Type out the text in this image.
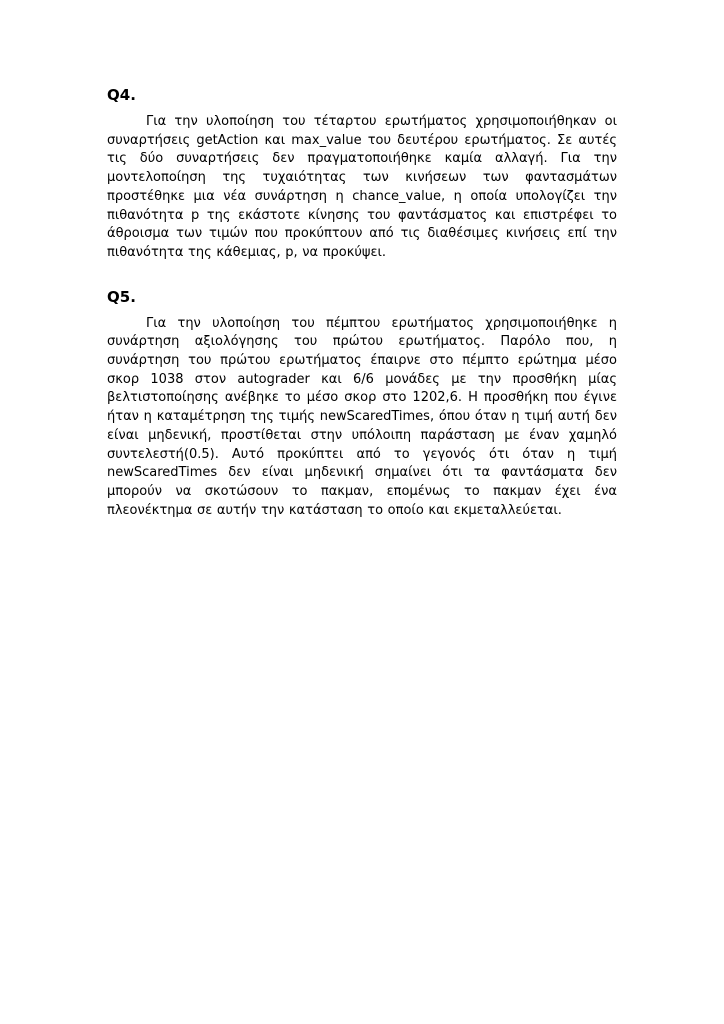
Q4.

Για την υλοποίηση του τέταρτου ερωτήματος χρησιμοποιήθηκαν οι συναρτήσεις getAction και max_value του δευτέρου ερωτήματος. Σε αυτές τις δύο συναρτήσεις δεν πραγματοποιήθηκε καμία αλλαγή. Για την μοντελοποίηση της τυχαιότητας των κινήσεων των φαντασμάτων προστέθηκε μια νέα συνάρτηση η chance_value, η οποία υπολογίζει την πιθανότητα p της εκάστοτε κίνησης του φαντάσματος και επιστρέφει το άθροισμα των τιμών που προκύπτουν από τις διαθέσιμες κινήσεις επί την πιθανότητα της κάθεμιας, p, να προκύψει.

Q5.

Για την υλοποίηση του πέμπτου ερωτήματος χρησιμοποιήθηκε η συνάρτηση αξιολόγησης του πρώτου ερωτήματος. Παρόλο που, η συνάρτηση του πρώτου ερωτήματος έπαιρνε στο πέμπτο ερώτημα μέσο σκορ 1038 στον autograder και 6/6 μονάδες με την προσθήκη μίας βελτιστοποίησης ανέβηκε το μέσο σκορ στο 1202,6. Η προσθήκη που έγινε ήταν η καταμέτρηση της τιμής newScaredTimes, όπου όταν η τιμή αυτή δεν είναι μηδενική, προστίθεται στην υπόλοιπη παράσταση με έναν χαμηλό συντελεστή(0.5). Αυτό προκύπτει από το γεγονός ότι όταν η τιμή newScaredTimes δεν είναι μηδενική σημαίνει ότι τα φαντάσματα δεν μπορούν να σκοτώσουν το πακμαν, επομένως το πακμαν έχει ένα πλεονέκτημα σε αυτήν την κατάσταση το οποίο και εκμεταλλεύεται.
